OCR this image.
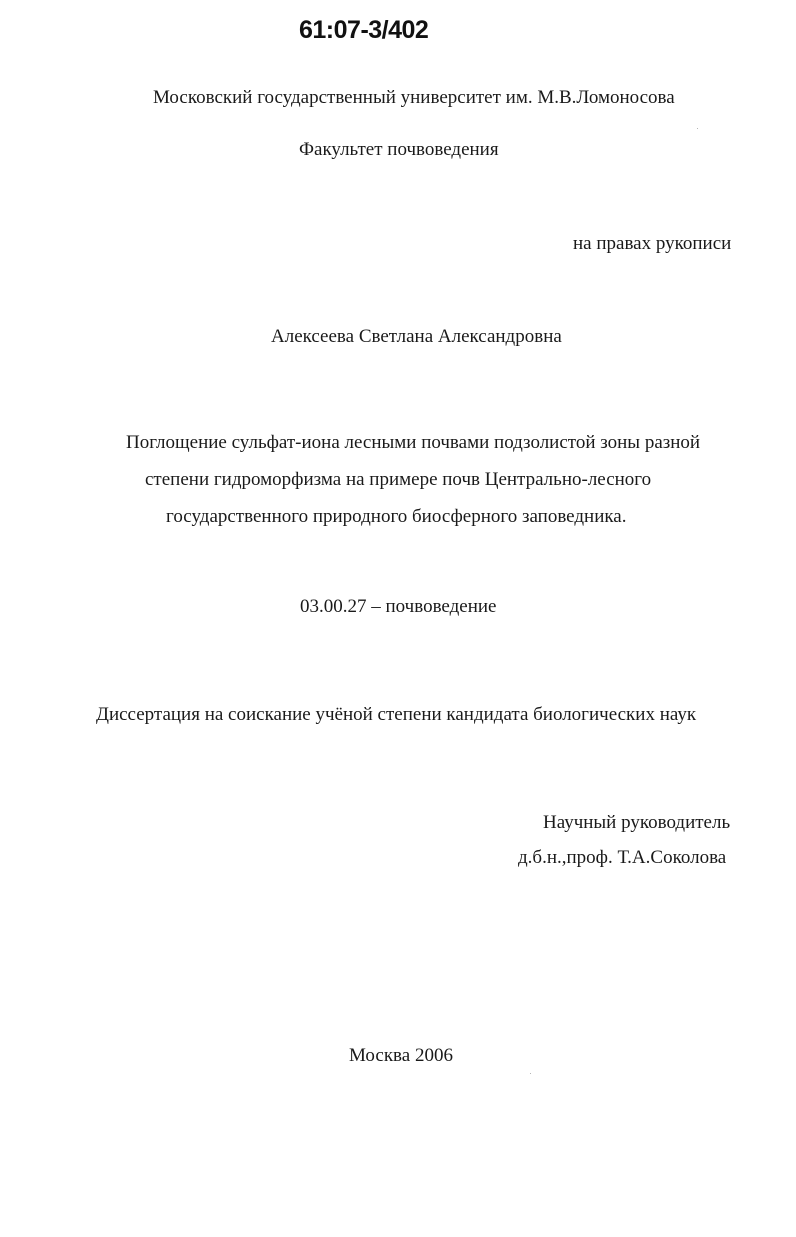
61:07-3/402
Московский государственный университет им. М.В.Ломоносова
Факультет почвоведения
на правах рукописи
Алексеева Светлана Александровна
Поглощение сульфат-иона лесными почвами подзолистой зоны разной
степени гидроморфизма на примере почв Центрально-лесного
государственного природного биосферного заповедника.
03.00.27 – почвоведение
Диссертация на соискание учёной степени кандидата биологических наук
Научный руководитель
д.б.н.,проф. Т.А.Соколова
Москва 2006
